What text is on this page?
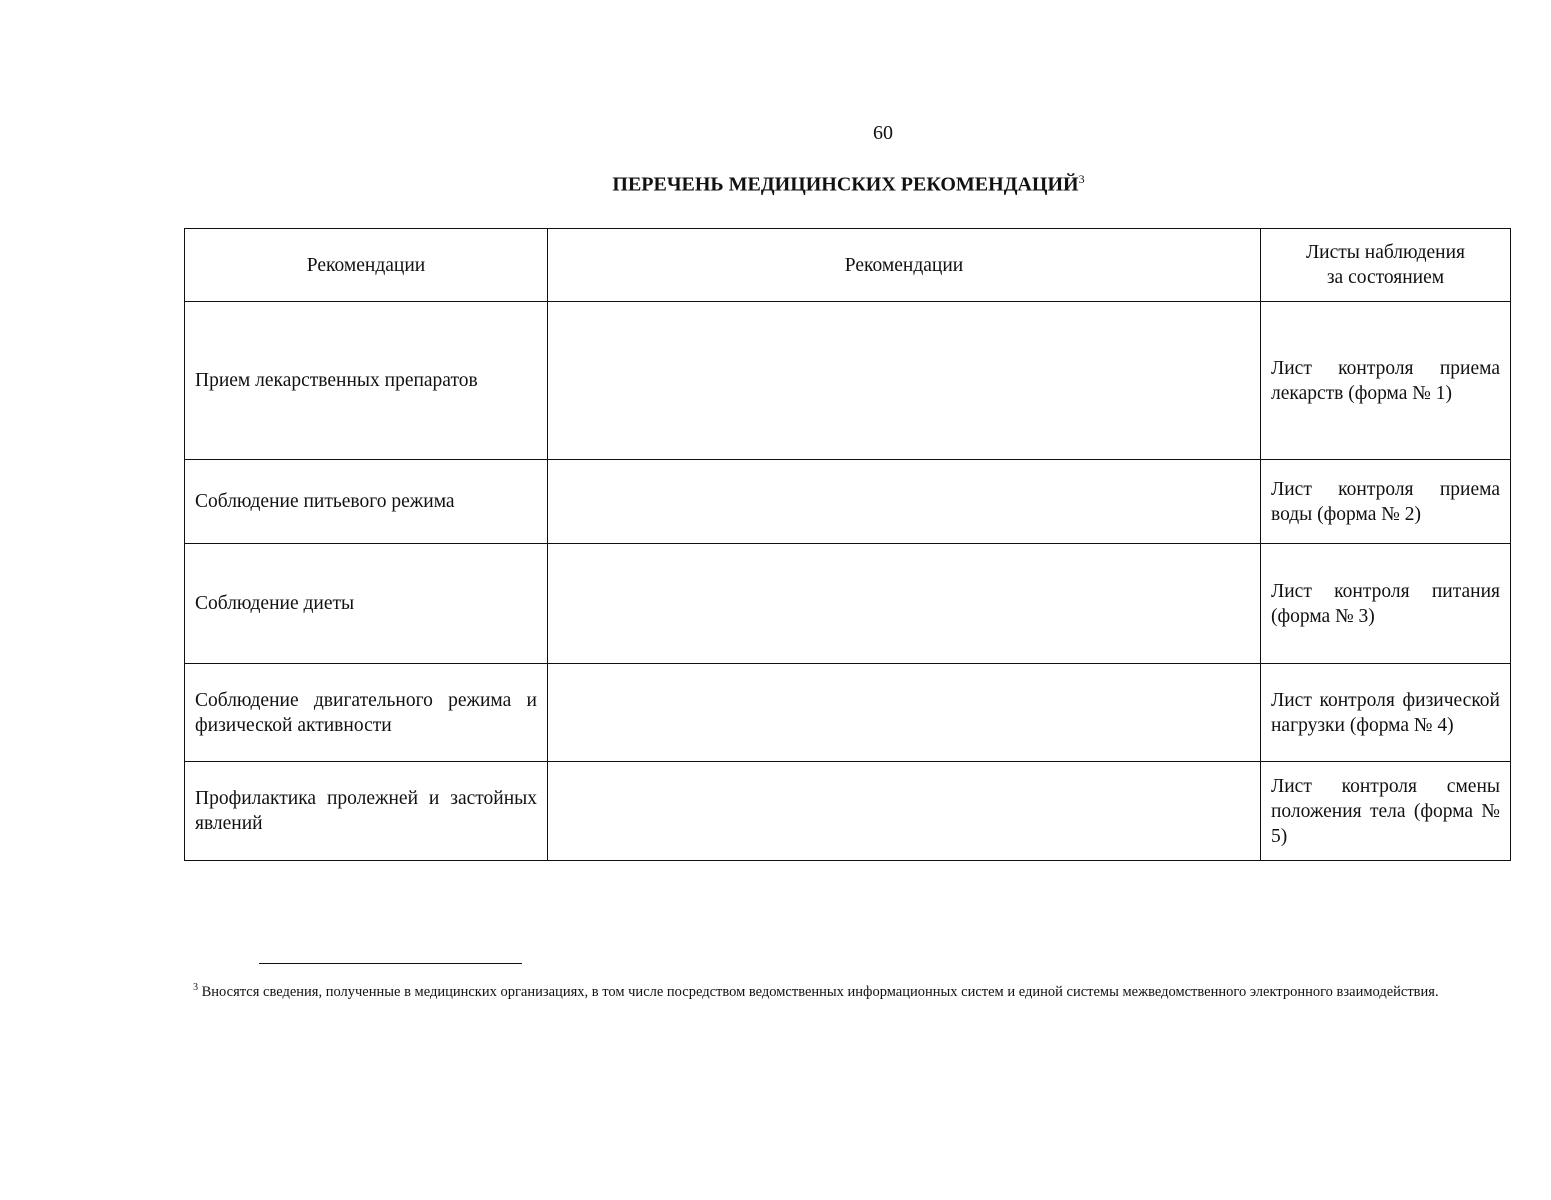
60
ПЕРЕЧЕНЬ МЕДИЦИНСКИХ РЕКОМЕНДАЦИЙ$^3$
Рекомендации	Рекомендации	Листы наблюдения
за состоянием
Прием лекарственных препаратов		Лист контроля приема лекарств (форма № 1)
Соблюдение питьевого режима		Лист контроля приема воды (форма № 2)
Соблюдение диеты		Лист контроля питания (форма № 3)
Соблюдение двигательного режима и физической активности		Лист контроля физической нагрузки (форма № 4)
Профилактика пролежней и застойных явлений		Лист контроля смены положения тела (форма № 5)
$^3$ Вносятся сведения, полученные в медицинских организациях, в том числе посредством ведомственных информационных систем и единой системы межведомственного электронного взаимодействия.
